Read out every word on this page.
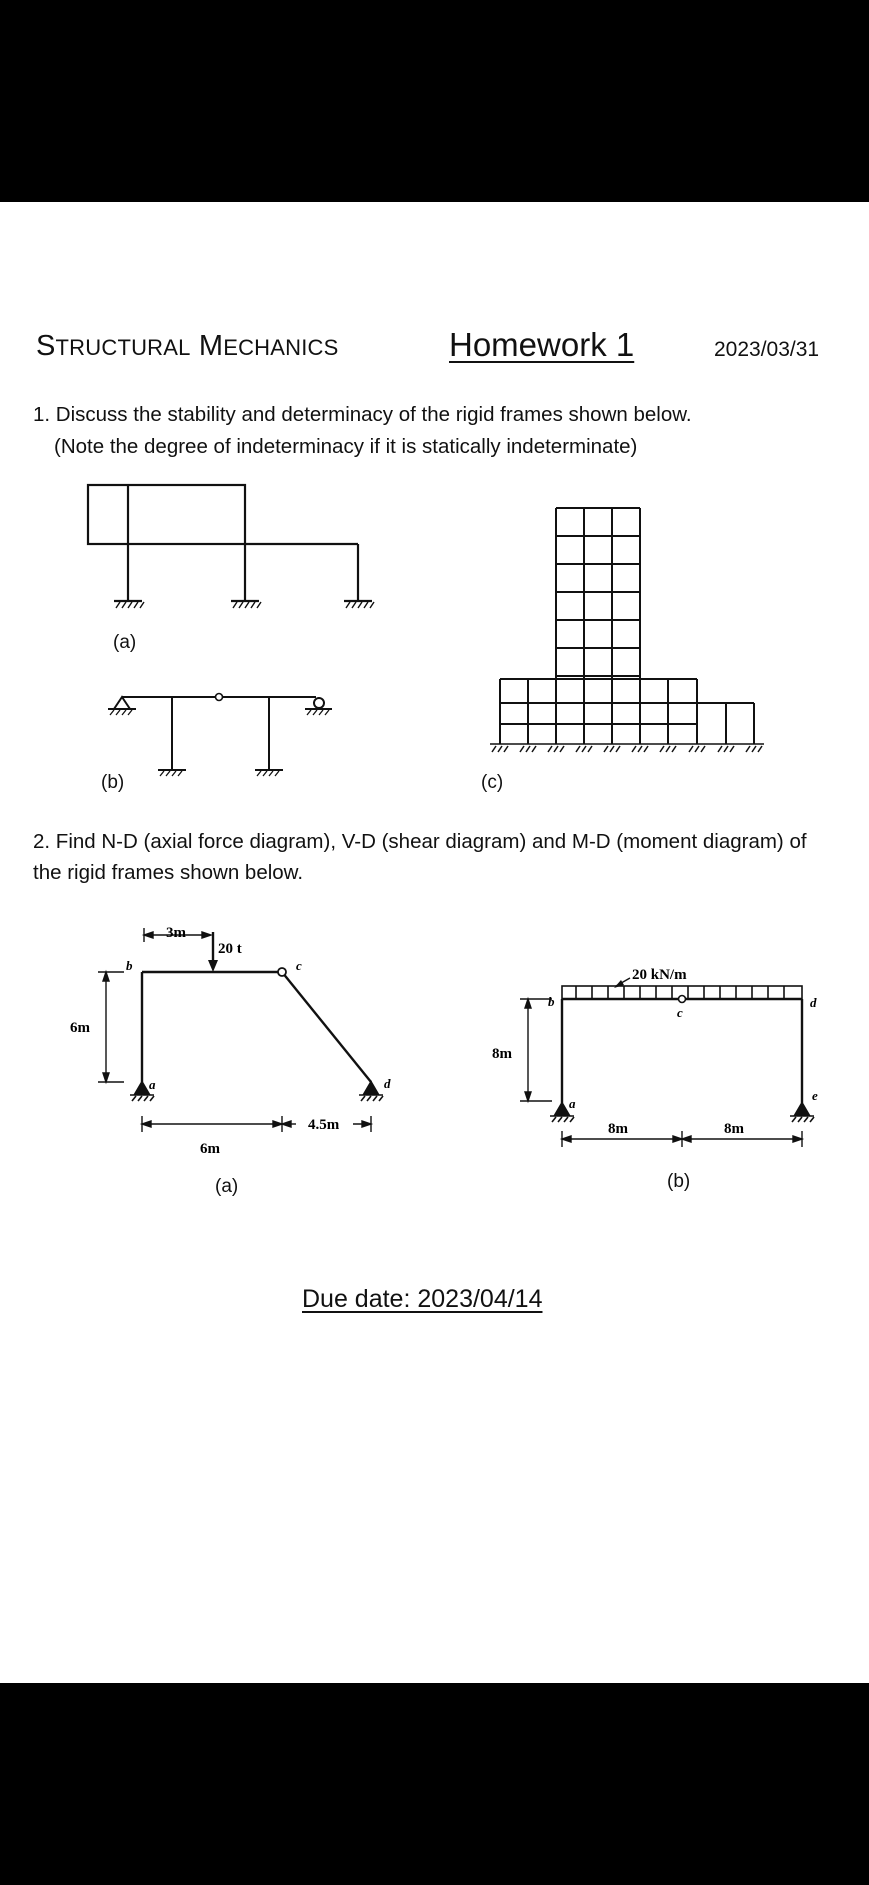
STRUCTURAL MECHANICS	Homework 1	2023/03/31
1. Discuss the stability and determinacy of the rigid frames shown below.
(Note the degree of indeterminacy if it is statically indeterminate)
(a)
(b)	(c)
2. Find N-D (axial force diagram), V-D (shear diagram) and M-D (moment diagram) of
the rigid frames shown below.
3m
20 t
6m
6m
4.5m
b	c
a	d
(a)
20 kN/m
8m
8m	8m
b
c
d
a
e
(b)
Due date: 2023/04/14
